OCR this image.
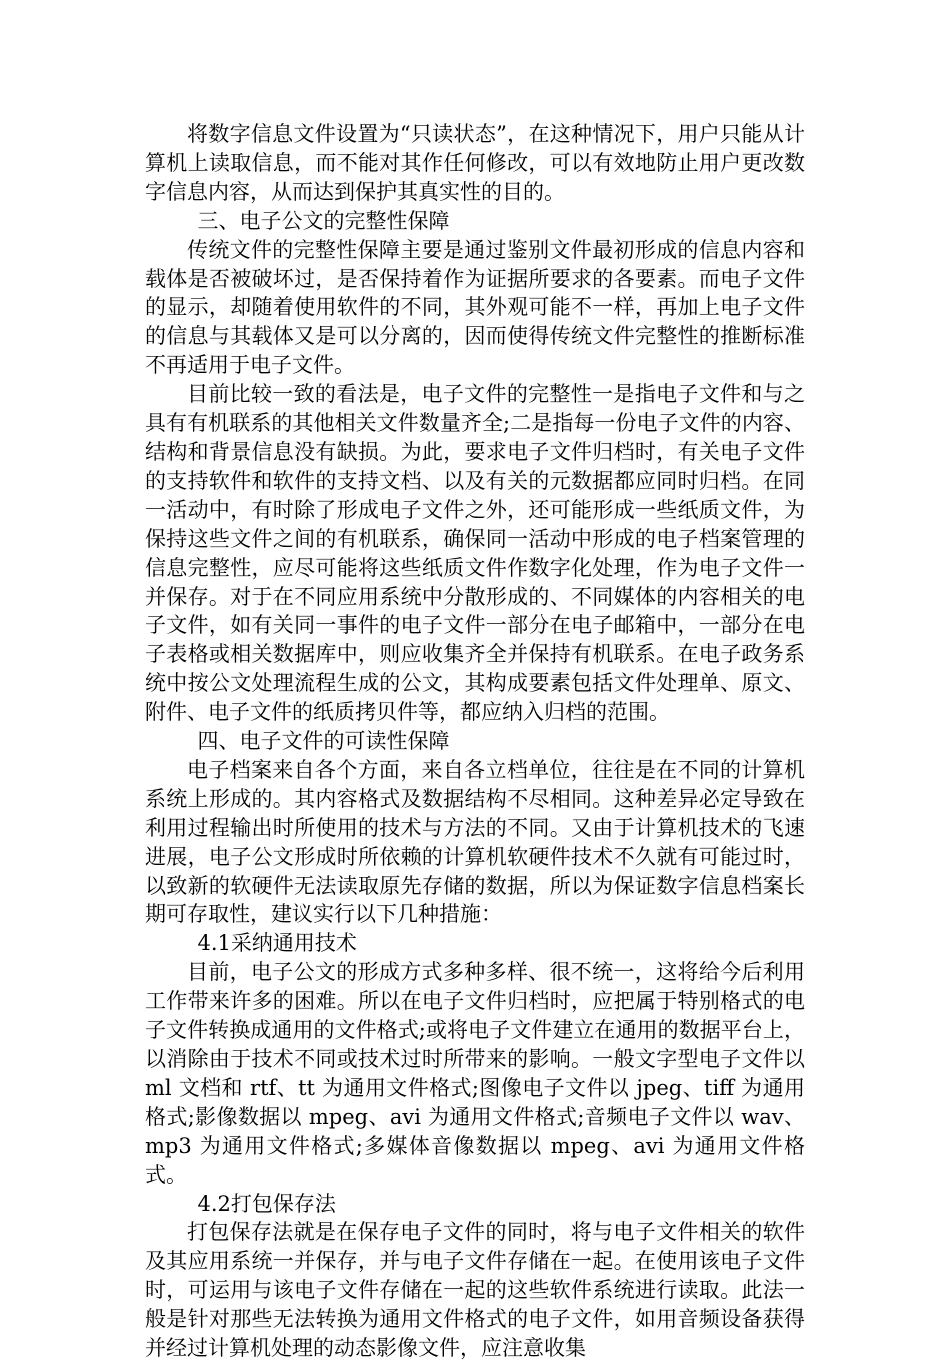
将数字信息文件设置为“只读状态”，在这种情况下，用户只能从计算机上读取信息，而不能对其作任何修改，可以有效地防止用户更改数字信息内容，从而达到保护其真实性的目的。

三、电子公文的完整性保障

传统文件的完整性保障主要是通过鉴别文件最初形成的信息内容和载体是否被破坏过，是否保持着作为证据所要求的各要素。而电子文件的显示，却随着使用软件的不同，其外观可能不一样，再加上电子文件的信息与其载体又是可以分离的，因而使得传统文件完整性的推断标准不再适用于电子文件。

目前比较一致的看法是，电子文件的完整性一是指电子文件和与之具有有机联系的其他相关文件数量齐全;二是指每一份电子文件的内容、结构和背景信息没有缺损。为此，要求电子文件归档时，有关电子文件的支持软件和软件的支持文档、以及有关的元数据都应同时归档。在同一活动中，有时除了形成电子文件之外，还可能形成一些纸质文件，为保持这些文件之间的有机联系，确保同一活动中形成的电子档案管理的信息完整性，应尽可能将这些纸质文件作数字化处理，作为电子文件一并保存。对于在不同应用系统中分散形成的、不同媒体的内容相关的电子文件，如有关同一事件的电子文件一部分在电子邮箱中，一部分在电子表格或相关数据库中，则应收集齐全并保持有机联系。在电子政务系统中按公文处理流程生成的公文，其构成要素包括文件处理单、原文、附件、电子文件的纸质拷贝件等，都应纳入归档的范围。

四、电子文件的可读性保障

电子档案来自各个方面，来自各立档单位，往往是在不同的计算机系统上形成的。其内容格式及数据结构不尽相同。这种差异必定导致在利用过程输出时所使用的技术与方法的不同。又由于计算机技术的飞速进展，电子公文形成时所依赖的计算机软硬件技术不久就有可能过时，以致新的软硬件无法读取原先存储的数据，所以为保证数字信息档案长期可存取性，建议实行以下几种措施：

4.1采纳通用技术

目前，电子公文的形成方式多种多样、很不统一，这将给今后利用工作带来许多的困难。所以在电子文件归档时，应把属于特别格式的电子文件转换成通用的文件格式;或将电子文件建立在通用的数据平台上，以消除由于技术不同或技术过时所带来的影响。一般文字型电子文件以 ml 文档和 rtf、tt 为通用文件格式;图像电子文件以 jpeg、tiff 为通用格式;影像数据以 mpeg、avi 为通用文件格式;音频电子文件以 wav、mp3 为通用文件格式;多媒体音像数据以 mpeg、avi 为通用文件格式。

4.2打包保存法

打包保存法就是在保存电子文件的同时，将与电子文件相关的软件及其应用系统一并保存，并与电子文件存储在一起。在使用该电子文件时，可运用与该电子文件存储在一起的这些软件系统进行读取。此法一般是针对那些无法转换为通用文件格式的电子文件，如用音频设备获得并经过计算机处理的动态影像文件，应注意收集
